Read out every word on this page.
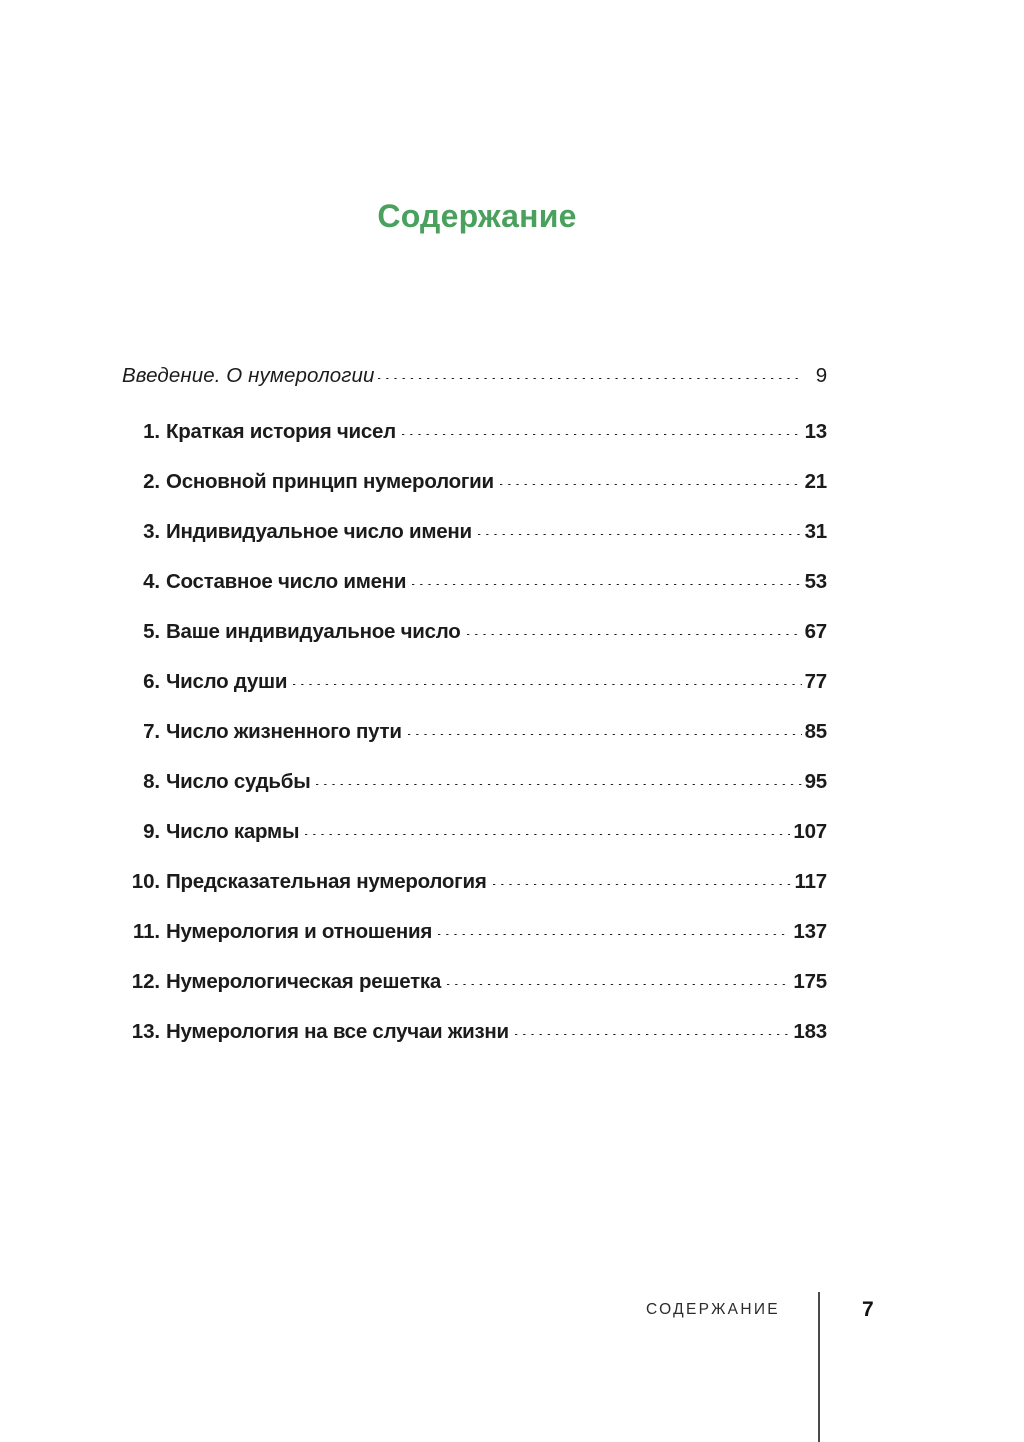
Содержание
Введение. О нумерологии	9
1. Краткая история чисел	13
2. Основной принцип нумерологии	21
3. Индивидуальное число имени	31
4. Составное число имени	53
5. Ваше индивидуальное число	67
6. Число души	77
7. Число жизненного пути	85
8. Число судьбы	95
9. Число кармы	107
10. Предсказательная нумерология	117
11. Нумерология и отношения	137
12. Нумерологическая решетка	175
13. Нумерология на все случаи жизни	183
СОДЕРЖАНИЕ	7
